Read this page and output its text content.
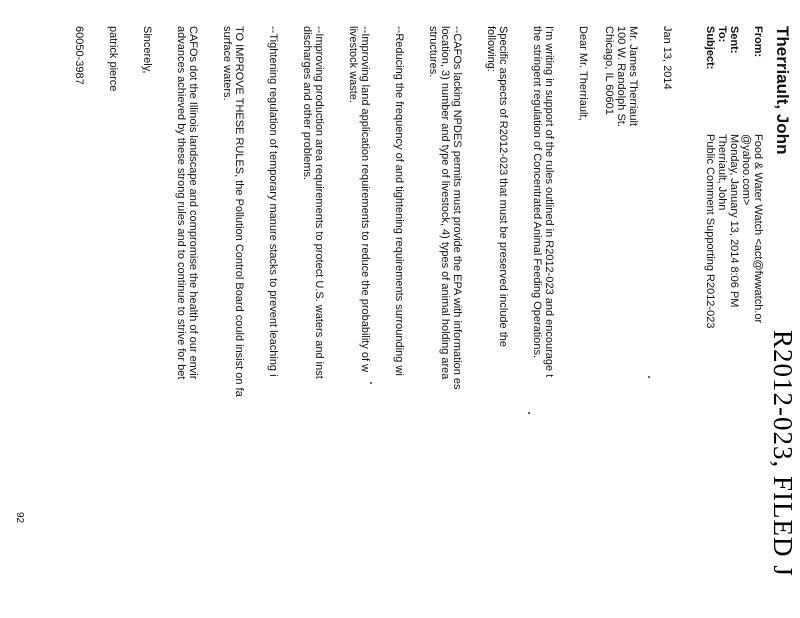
R2012-023, FILED J
Therriault, John
From:
Food & Water Watch <act@fwwatch.or
@yahoo.com>
Sent:
Monday, January 13, 2014 8:06 PM
To:
Therriault, John
Subject:
Public Comment Supporting R2012-023
Jan 13, 2014
Mr. James Therriault
100 W. Randolph St.
Chicago, IL 60601
Dear Mr. Therriault,
I'm writing in support of the rules outlined in R2012-023 and encourage t
the stringent regulation of Concentrated Animal Feeding Operations.
Specific aspects of R2012-023 that must be preserved include the
following:
--CAFOs lacking NPDES permits must provide the EPA with information es
location, 3) number and type of livestock, 4) types of animal holding area
structures.
--Reducing the frequency of and tightening requirements surrounding wi
--Improving land application requirements to reduce the probability of w
livestock waste.
--Improving production area requirements to protect U.S. waters and inst
discharges and other problems.
--Tightening regulation of temporary manure stacks to prevent leaching i
TO IMPROVE THESE RULES, the Pollution Control Board could insist on fa
surface waters.
CAFOs dot the Illinois landscape and compromise the health of our envir
advances achieved by these strong rules and to continue to strive for bet
Sincerely,
patrick pierce
60050-3987
92
